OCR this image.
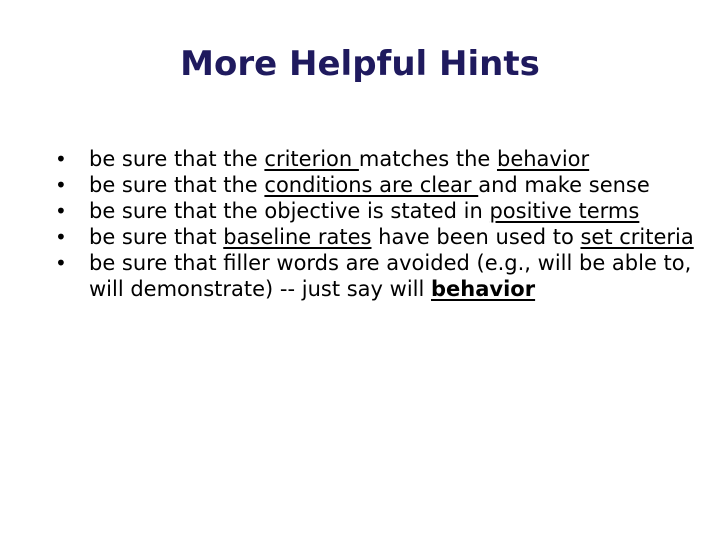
More Helpful Hints
• be sure that the criterion matches the behavior
• be sure that the conditions are clear and make sense
• be sure that the objective is stated in positive terms
• be sure that baseline rates have been used to set criteria
• be sure that filler words are avoided (e.g., will be able to, will demonstrate) -- just say will behavior
